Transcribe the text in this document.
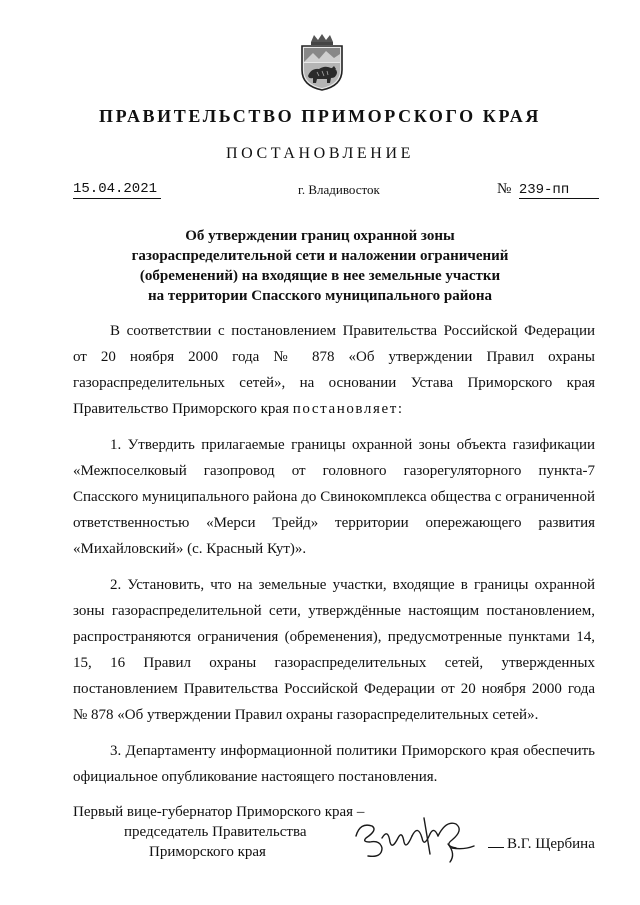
ПРАВИТЕЛЬСТВО ПРИМОРСКОГО КРАЯ
ПОСТАНОВЛЕНИЕ
15.04.2021	г. Владивосток	№ 239-пп
Об утверждении границ охранной зоны
газораспределительной сети и наложении ограничений
(обременений) на входящие в нее земельные участки
на территории Спасского муниципального района

В соответствии с постановлением Правительства Российской Федерации от 20 ноября 2000 года № 878 «Об утверждении Правил охраны газораспределительных сетей», на основании Устава Приморского края Правительство Приморского края постановляет:

1. Утвердить прилагаемые границы охранной зоны объекта газификации «Межпоселковый газопровод от головного газорегуляторного пункта-7 Спасского муниципального района до Свинокомплекса общества с ограниченной ответственностью «Мерси Трейд» территории опережающего развития «Михайловский» (с. Красный Кут)».

2. Установить, что на земельные участки, входящие в границы охранной зоны газораспределительной сети, утверждённые настоящим постановлением, распространяются ограничения (обременения), предусмотренные пунктами 14, 15, 16 Правил охраны газораспределительных сетей, утвержденных постановлением Правительства Российской Федерации от 20 ноября 2000 года № 878 «Об утверждении Правил охраны газораспределительных сетей».

3. Департаменту информационной политики Приморского края обеспечить официальное опубликование настоящего постановления.

Первый вице-губернатор Приморского края –
председатель Правительства
Приморского края	В.Г. Щербина
